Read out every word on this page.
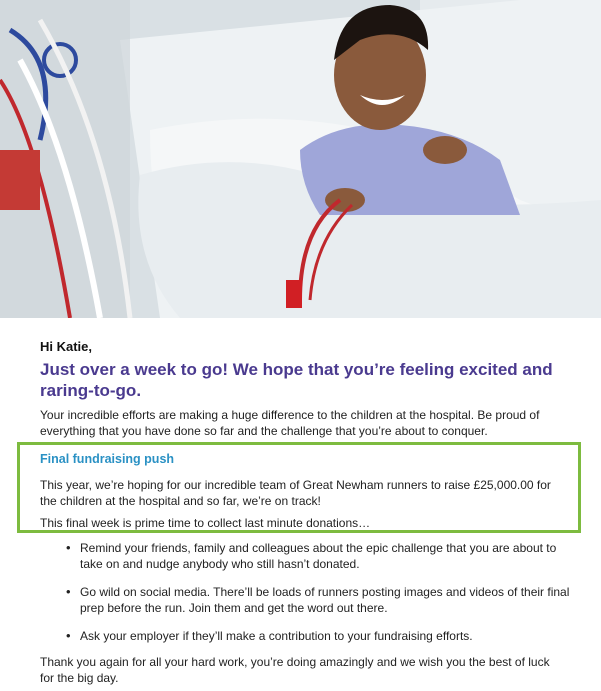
Hi Katie,

Just over a week to go! We hope that you’re feeling excited and raring-to-go.

Your incredible efforts are making a huge difference to the children at the hospital. Be proud of everything that you have done so far and the challenge that you’re about to conquer.

Final fundraising push

This year, we’re hoping for our incredible team of Great Newham runners to raise £25,000.00 for the children at the hospital and so far, we’re on track!

This final week is prime time to collect last minute donations…

• Remind your friends, family and colleagues about the epic challenge that you are about to take on and nudge anybody who still hasn’t donated.
• Go wild on social media. There’ll be loads of runners posting images and videos of their final prep before the run. Join them and get the word out there.
• Ask your employer if they’ll make a contribution to your fundraising efforts.

Thank you again for all your hard work, you’re doing amazingly and we wish you the best of luck for the big day.
